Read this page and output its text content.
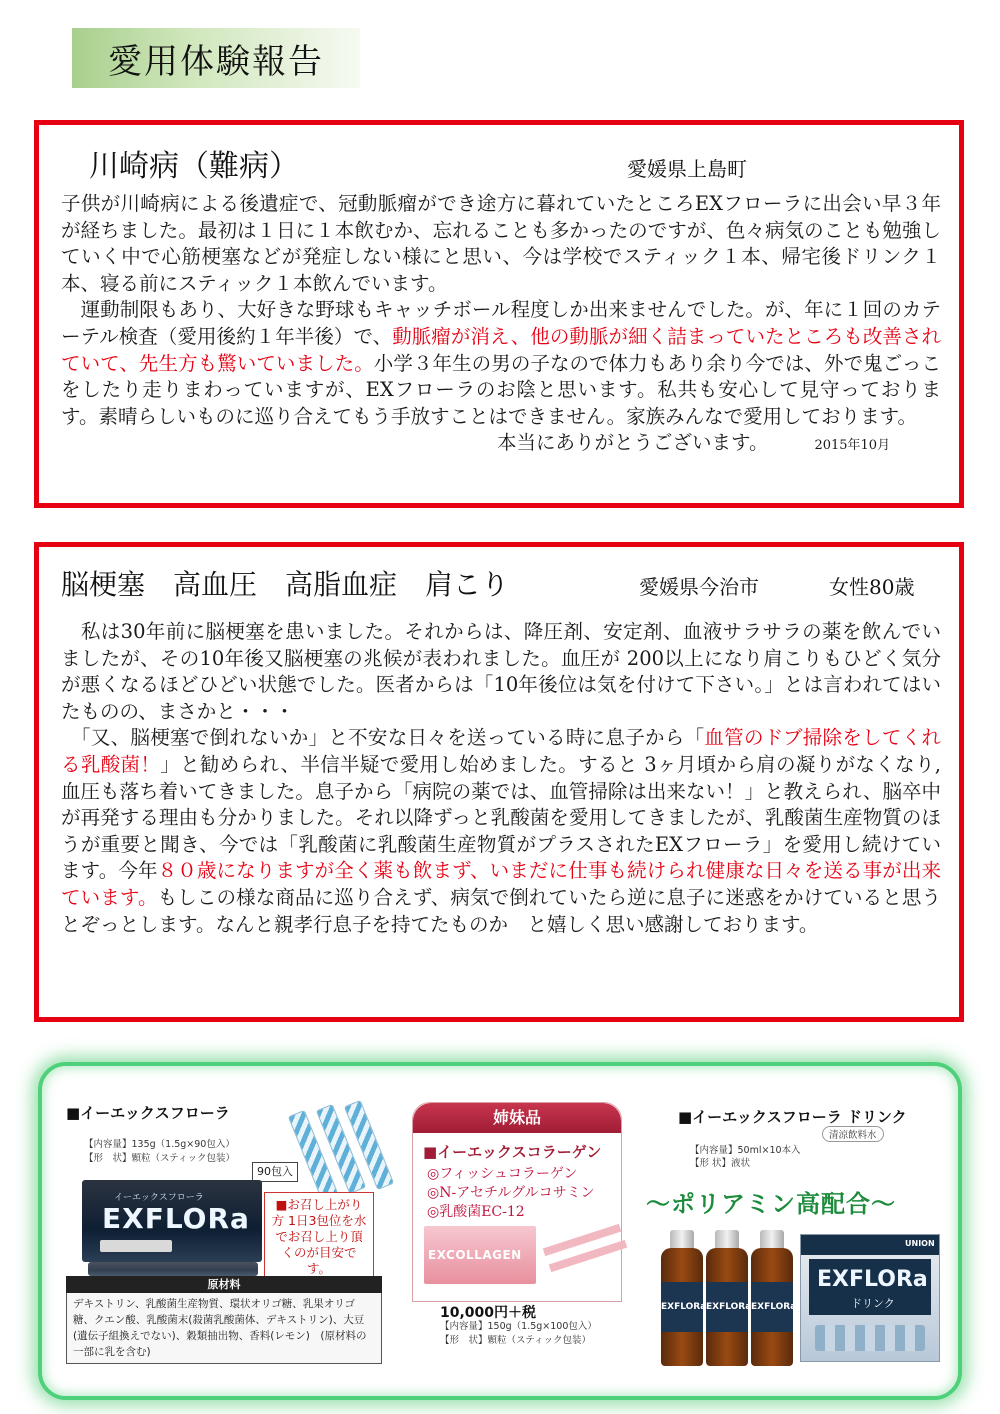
愛用体験報告
川崎病（難病）	愛媛県上島町

子供が川崎病による後遺症で、冠動脈瘤ができ途方に暮れていたところEXフローラに出会い早３年が経ちました。最初は１日に１本飲むか、忘れることも多かったのですが、色々病気のことも勉強していく中で心筋梗塞などが発症しない様にと思い、今は学校でスティック１本、帰宅後ドリンク１本、寝る前にスティック１本飲んでいます。

　運動制限もあり、大好きな野球もキャッチボール程度しか出来ませんでした。が、年に１回のカテーテル検査（愛用後約１年半後）で、動脈瘤が消え、他の動脈が細く詰まっていたところも改善されていて、先生方も驚いていました。小学３年生の男の子なので体力もあり余り今では、外で鬼ごっこをしたり走りまわっていますが、EXフローラのお陰と思います。私共も安心して見守っております。素晴らしいものに巡り合えてもう手放すことはできません。家族みんなで愛用しております。

本当にありがとうございます。	2015年10月

脳梗塞　高血圧　高脂血症　肩こり	愛媛県今治市	女性80歳

　私は30年前に脳梗塞を患いました。それからは、降圧剤、安定剤、血液サラサラの薬を飲んでいましたが、その10年後又脳梗塞の兆候が表われました。血圧が 200以上になり肩こりもひどく気分が悪くなるほどひどい状態でした。医者からは「10年後位は気を付けて下さい。」とは言われてはいたものの、まさかと・・・

　「又、脳梗塞で倒れないか」と不安な日々を送っている時に息子から「血管のドブ掃除をしてくれる乳酸菌！」と勧められ、半信半疑で愛用し始めました。すると 3ヶ月頃から肩の凝りがなくなり,血圧も落ち着いてきました。息子から「病院の薬では、血管掃除は出来ない！」と教えられ、脳卒中が再発する理由も分かりました。それ以降ずっと乳酸菌を愛用してきましたが、乳酸菌生産物質のほうが重要と聞き、今では「乳酸菌に乳酸菌生産物質がプラスされたEXフローラ」を愛用し続けています。今年８０歳になりますが全く薬も飲まず、いまだに仕事も続けられ健康な日々を送る事が出来ています。もしこの様な商品に巡り合えず、病気で倒れていたら逆に息子に迷惑をかけていると思うとぞっとします。なんと親孝行息子を持てたものか　と嬉しく思い感謝しております。

■イーエックスフローラ
【内容量】135g（1.5g×90包入）
【形　状】顆粒（スティック包装）
90包入
イーエックスフローラ
EXFLORa	■お召し上がり方 1日3包位を水でお召し上り頂くのが目安です。
原材料
デキストリン、乳酸菌生産物質、環状オリゴ糖、乳果オリゴ糖、クエン酸、乳酸菌末(殺菌乳酸菌体、デキストリン)、大豆(遺伝子組換えでない)、穀類抽出物、香料(レモン)　(原材料の一部に乳を含む)
姉妹品
■イーエックスコラーゲン
◎フィッシュコラーゲン
◎N-アセチルグルコサミン
◎乳酸菌EC-12
EXCOLLAGEN
10,000円＋税
【内容量】150g（1.5g×100包入）
【形　状】顆粒（スティック包装）
■イーエックスフローラ ドリンク
清涼飲料水
【内容量】50ml×10本入
【形 状】液状
〜ポリアミン高配合〜
EXFLORa EXFLORa EXFLORa
UNION
EXFLORa
ドリンク
